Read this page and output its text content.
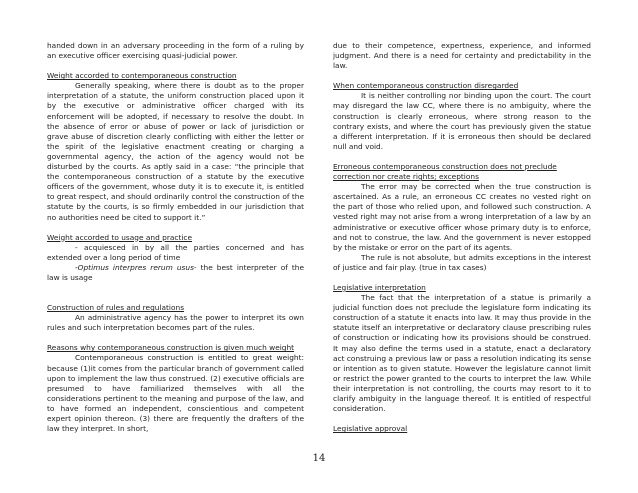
handed down in an adversary proceeding in the form of a ruling by an executive officer exercising quasi-judicial power.

Weight accorded to contemporaneous construction

Generally speaking, where there is doubt as to the proper interpretation of a statute, the uniform construction placed upon it by the executive or administrative officer charged with its enforcement will be adopted, if necessary to resolve the doubt. In the absence of error or abuse of power or lack of jurisdiction or grave abuse of discretion clearly conflicting with either the letter or the spirit of the legislative enactment creating or charging a governmental agency, the action of the agency would not be disturbed by the courts. As aptly said in a case: “the principle that the contemporaneous construction of a statute by the executive officers of the government, whose duty it is to execute it, is entitled to great respect, and should ordinarily control the construction of the statute by the courts, is so firmly embedded in our jurisdiction that no authorities need be cited to support it.”

Weight accorded to usage and practice

- acquiesced in by all the parties concerned and has extended over a long period of time

-Optimus interpres rerum usus- the best interpreter of the law is usage

Construction of rules and regulations

An administrative agency has the power to interpret its own rules and such interpretation becomes part of the rules.

Reasons why contemporaneous construction is given much weight

Contemporaneous construction is entitled to great weight: because (1)it comes from the particular branch of government called upon to implement the law thus construed. (2) executive officials are presumed to have familiarized themselves with all the considerations pertinent to the meaning and purpose of the law, and to have formed an independent, conscientious and competent expert opinion thereon. (3) there are frequently the drafters of the law they interpret. In short,

due to their competence, expertness, experience, and informed judgment. And there is a need for certainty and predictability in the law.

When contemporaneous construction disregarded

It is neither controlling nor binding upon the court. The court may disregard the law CC, where there is no ambiguity, where the construction is clearly erroneous, where strong reason to the contrary exists, and where the court has previously given the statue a different interpretation. If it is erroneous then should be declared null and void.

Erroneous contemporaneous construction does not preclude correction nor create rights; exceptions

The error may be corrected when the true construction is ascertained. As a rule, an erroneous CC creates no vested right on the part of those who relied upon, and followed such construction. A vested right may not arise from a wrong interpretation of a law by an administrative or executive officer whose primary duty is to enforce, and not to construe, the law. And the government is never estopped by the mistake or error on the part of its agents.

The rule is not absolute, but admits exceptions in the interest of justice and fair play. (true in tax cases)

Legislative interpretation

The fact that the interpretation of a statue is primarily a judicial function does not preclude the legislature form indicating its construction of a statute it enacts into law. It may thus provide in the statute itself an interpretative or declaratory clause prescribing rules of construction or indicating how its provisions should be construed. It may also define the terms used in a statute, enact a declaratory act construing a previous law or pass a resolution indicating its sense or intention as to given statute. However the legislature cannot limit or restrict the power granted to the courts to interpret the law. While their interpretation is not controlling, the courts may resort to it to clarify ambiguity in the language thereof. It is entitled of respectful consideration.

Legislative approval

14
